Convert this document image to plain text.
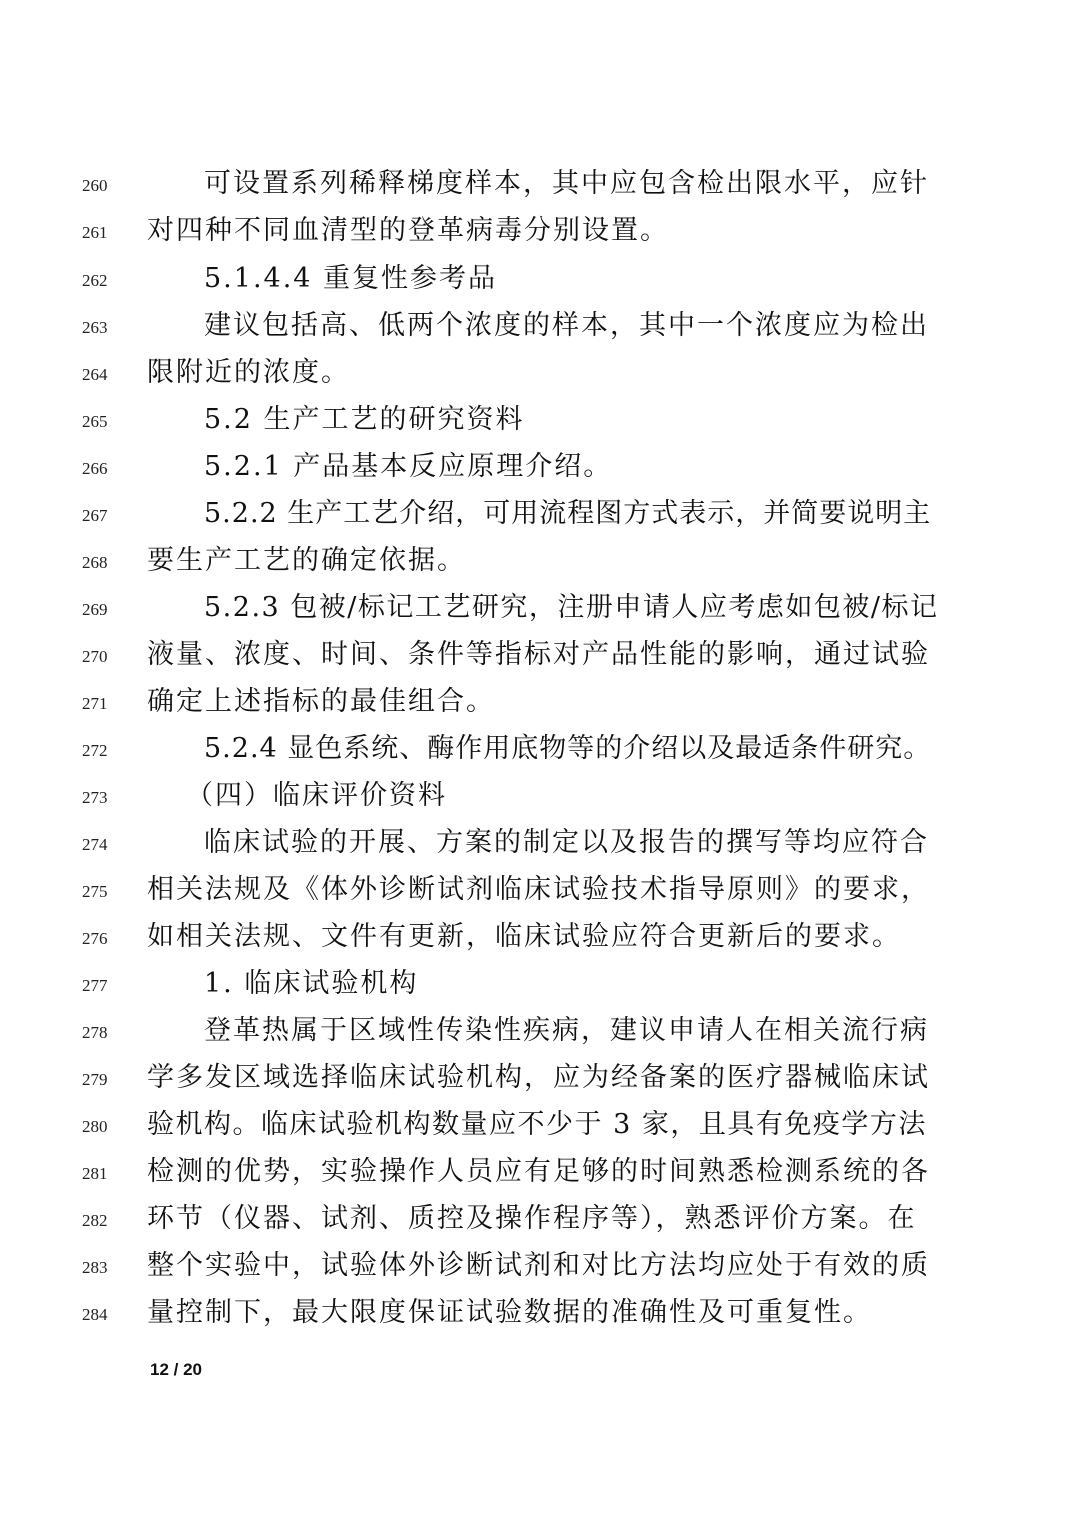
260	可设置系列稀释梯度样本，其中应包含检出限水平，应针
261	对四种不同血清型的登革病毒分别设置。
262	5.1.4.4 重复性参考品
263	建议包括高、低两个浓度的样本，其中一个浓度应为检出
264	限附近的浓度。
265	5.2 生产工艺的研究资料
266	5.2.1 产品基本反应原理介绍。
267	5.2.2 生产工艺介绍，可用流程图方式表示，并简要说明主
268	要生产工艺的确定依据。
269	5.2.3 包被/标记工艺研究，注册申请人应考虑如包被/标记
270	液量、浓度、时间、条件等指标对产品性能的影响，通过试验
271	确定上述指标的最佳组合。
272	5.2.4 显色系统、酶作用底物等的介绍以及最适条件研究。
273	（四）临床评价资料
274	临床试验的开展、方案的制定以及报告的撰写等均应符合
275	相关法规及《体外诊断试剂临床试验技术指导原则》的要求，
276	如相关法规、文件有更新，临床试验应符合更新后的要求。
277	1. 临床试验机构
278	登革热属于区域性传染性疾病，建议申请人在相关流行病
279	学多发区域选择临床试验机构，应为经备案的医疗器械临床试
280	验机构。临床试验机构数量应不少于 3 家，且具有免疫学方法
281	检测的优势，实验操作人员应有足够的时间熟悉检测系统的各
282	环节（仪器、试剂、质控及操作程序等），熟悉评价方案。在
283	整个实验中，试验体外诊断试剂和对比方法均应处于有效的质
284	量控制下，最大限度保证试验数据的准确性及可重复性。
12 / 20
